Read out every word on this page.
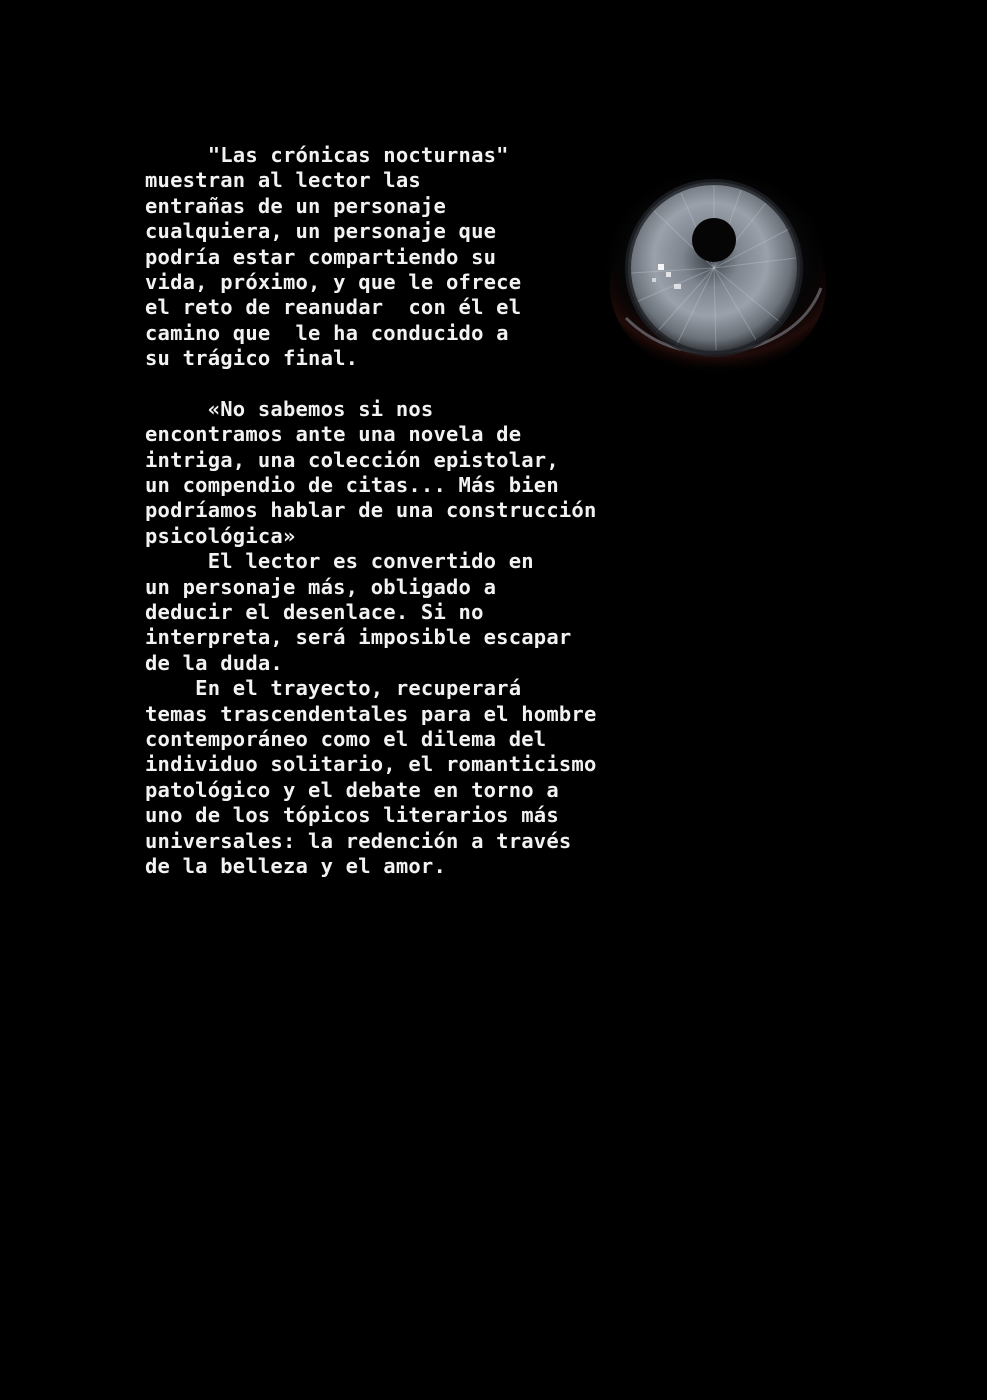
"Las crónicas nocturnas"
muestran al lector las
entrañas de un personaje
cualquiera, un personaje que
podría estar compartiendo su
vida, próximo, y que le ofrece
el reto de reanudar  con él el
camino que  le ha conducido a
su trágico final.
«No sabemos si nos
encontramos ante una novela de
intriga, una colección epistolar,
un compendio de citas... Más bien
podríamos hablar de una construcción
psicológica»
El lector es convertido en
un personaje más, obligado a
deducir el desenlace. Si no
interpreta, será imposible escapar
de la duda.
En el trayecto, recuperará
temas trascendentales para el hombre
contemporáneo como el dilema del
individuo solitario, el romanticismo
patológico y el debate en torno a
uno de los tópicos literarios más
universales: la redención a través
de la belleza y el amor.
